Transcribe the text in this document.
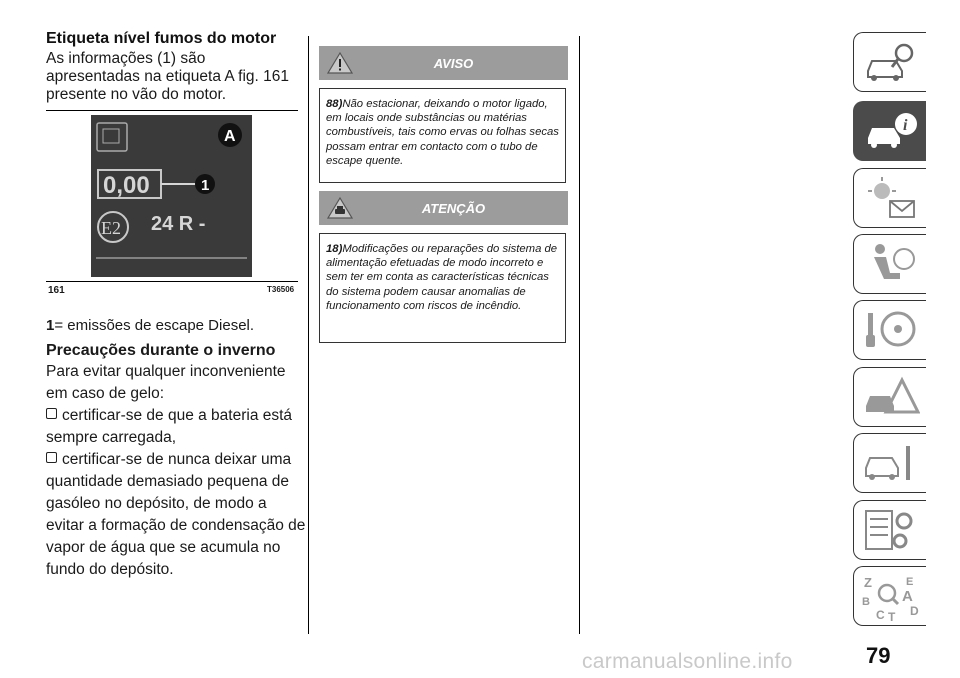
Etiqueta nível fumos do motor

As informações (1) são apresentadas na etiqueta A fig. 161 presente no vão do motor.

0,00	1
A
E2 24 R -
161	T36506
1= emissões de escape Diesel.
Precauções durante o inverno
Para evitar qualquer inconveniente em caso de gelo:
certificar-se de que a bateria está sempre carregada,
certificar-se de nunca deixar uma quantidade demasiado pequena de gasóleo no depósito, de modo a evitar a formação de condensação de vapor de água que se acumula no fundo do depósito.
AVISO
88)Não estacionar, deixando o motor ligado, em locais onde substâncias ou matérias combustíveis, tais como ervas ou folhas secas possam entrar em contacto com o tubo de escape quente.
ATENÇÃO
18)Modificações ou reparações do sistema de alimentação efetuadas de modo incorreto e sem ter em conta as características técnicas do sistema podem causar anomalias de funcionamento com riscos de incêndio.
i
Z	E
A
B
C T D
79
carmanualsonline.info
